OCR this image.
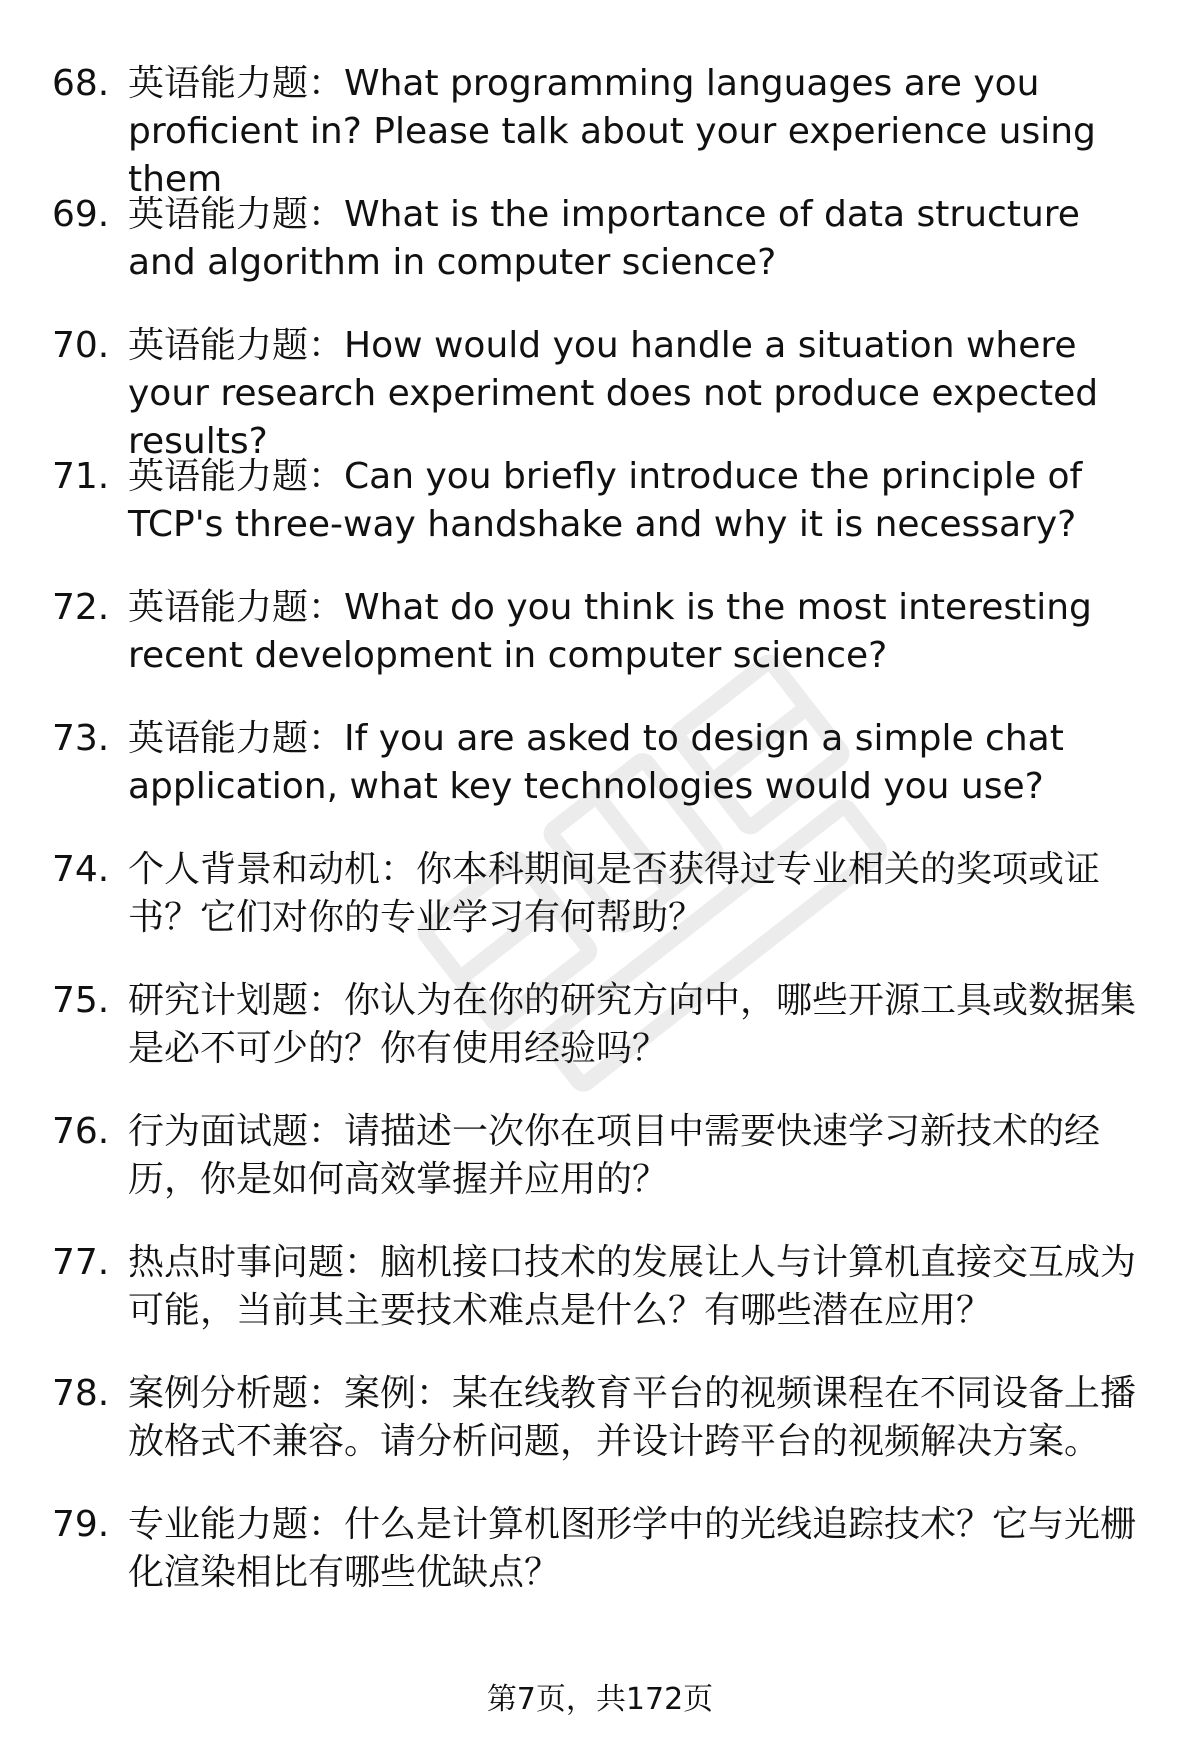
68. 英语能力题：What programming languages are you proficient in? Please talk about your experience using them
69. 英语能力题：What is the importance of data structure and algorithm in computer science?
70. 英语能力题：How would you handle a situation where your research experiment does not produce expected results?
71. 英语能力题：Can you briefly introduce the principle of TCP's three-way handshake and why it is necessary?
72. 英语能力题：What do you think is the most interesting recent development in computer science?
73. 英语能力题：If you are asked to design a simple chat application, what key technologies would you use?
74. 个人背景和动机：你本科期间是否获得过专业相关的奖项或证书？它们对你的专业学习有何帮助？
75. 研究计划题：你认为在你的研究方向中，哪些开源工具或数据集是必不可少的？你有使用经验吗？
76. 行为面试题：请描述一次你在项目中需要快速学习新技术的经历，你是如何高效掌握并应用的？
77. 热点时事问题：脑机接口技术的发展让人与计算机直接交互成为可能，当前其主要技术难点是什么？有哪些潜在应用？
78. 案例分析题：案例：某在线教育平台的视频课程在不同设备上播放格式不兼容。请分析问题，并设计跨平台的视频解决方案。
79. 专业能力题：什么是计算机图形学中的光线追踪技术？它与光栅化渲染相比有哪些优缺点？
第7页，共172页
